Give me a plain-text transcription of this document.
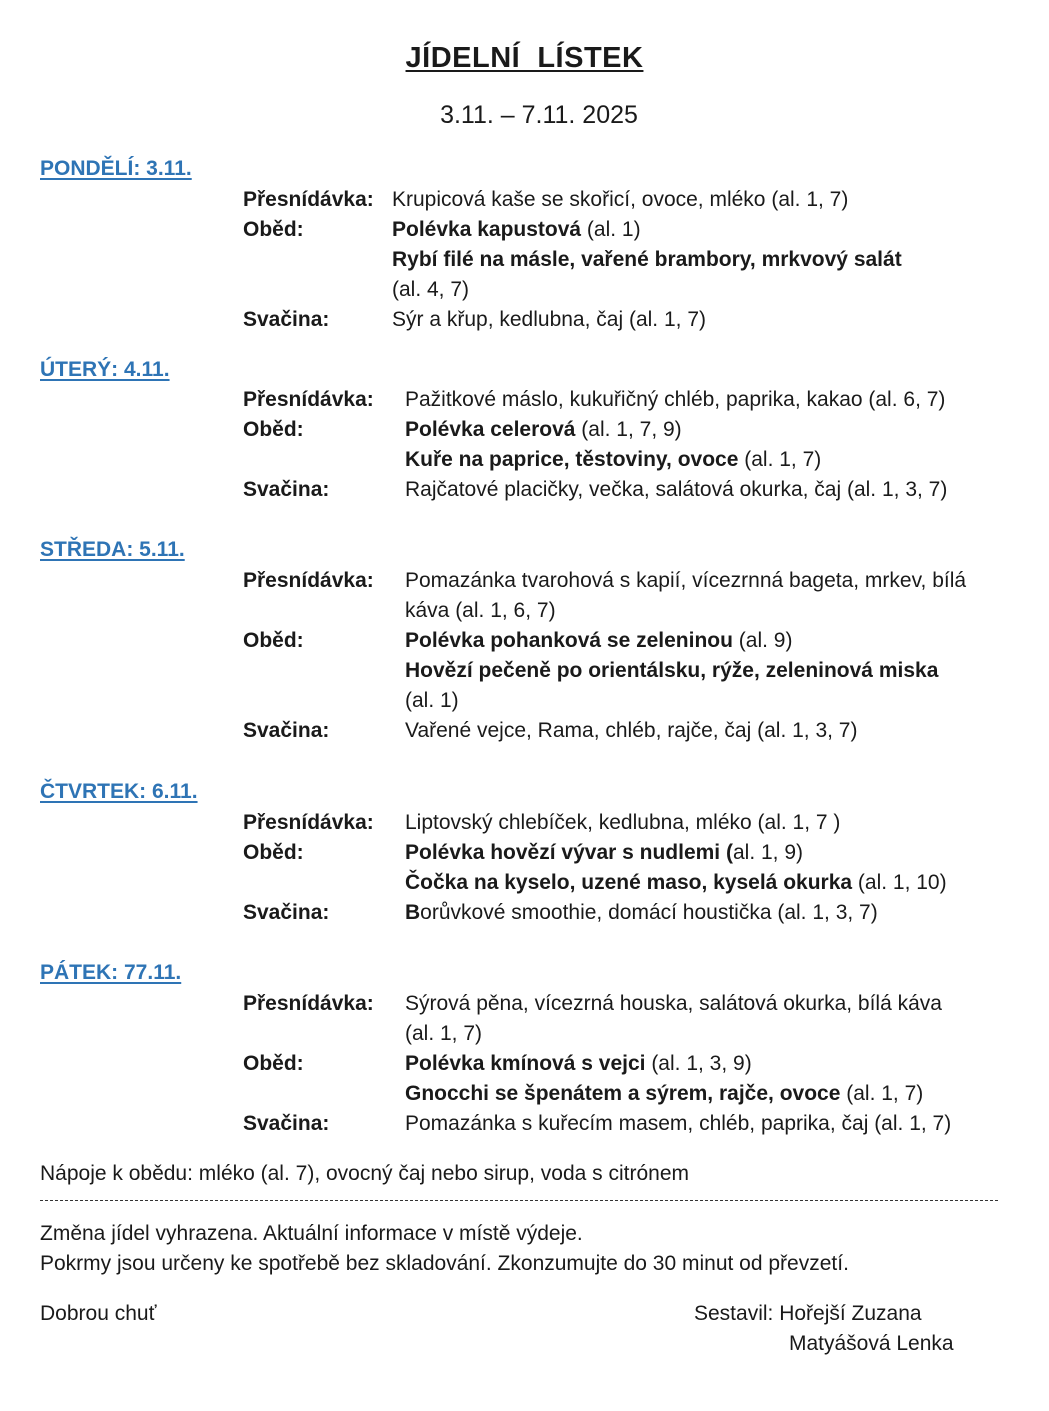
JÍDELNÍ  LÍSTEK
3.11. – 7.11. 2025
PONDĚLÍ: 3.11.
Přesnídávka: Krupicová kaše se skořicí, ovoce, mléko (al. 1, 7)
Oběd:	Polévka kapustová (al. 1)
Rybí filé na másle, vařené brambory, mrkvový salát
(al. 4, 7)
Svačina:	Sýr a křup, kedlubna, čaj (al. 1, 7)
ÚTERÝ: 4.11.
Přesnídávka: Pažitkové máslo, kukuřičný chléb, paprika, kakao (al. 6, 7)
Oběd:	Polévka celerová (al. 1, 7, 9)
Kuře na paprice, těstoviny, ovoce (al. 1, 7)
Svačina:	Rajčatové placičky, večka, salátová okurka, čaj (al. 1, 3, 7)
STŘEDA: 5.11.
Přesnídávka: Pomazánka tvarohová s kapií, vícezrnná bageta, mrkev, bílá
káva (al. 1, 6, 7)
Oběd:	Polévka pohanková se zeleninou (al. 9)
Hovězí pečeně po orientálsku, rýže, zeleninová miska
(al. 1)
Svačina:	Vařené vejce, Rama, chléb, rajče, čaj (al. 1, 3, 7)
ČTVRTEK: 6.11.
Přesnídávka: Liptovský chlebíček, kedlubna, mléko (al. 1, 7 )
Oběd:	Polévka hovězí vývar s nudlemi (al. 1, 9)
Čočka na kyselo, uzené maso, kyselá okurka (al. 1, 10)
Svačina:	Borůvkové smoothie, domácí houstička (al. 1, 3, 7)
PÁTEK: 77.11.
Přesnídávka: Sýrová pěna, vícezrná houska, salátová okurka, bílá káva
(al. 1, 7)
Oběd:	Polévka kmínová s vejci (al. 1, 3, 9)
Gnocchi se špenátem a sýrem, rajče, ovoce (al. 1, 7)
Svačina:	Pomazánka s kuřecím masem, chléb, paprika, čaj (al. 1, 7)
Nápoje k obědu: mléko (al. 7), ovocný čaj nebo sirup, voda s citrónem
Změna jídel vyhrazena. Aktuální informace v místě výdeje.
Pokrmy jsou určeny ke spotřebě bez skladování. Zkonzumujte do 30 minut od převzetí.
Dobrou chuť	Sestavil: Hořejší Zuzana
Matyášová Lenka
